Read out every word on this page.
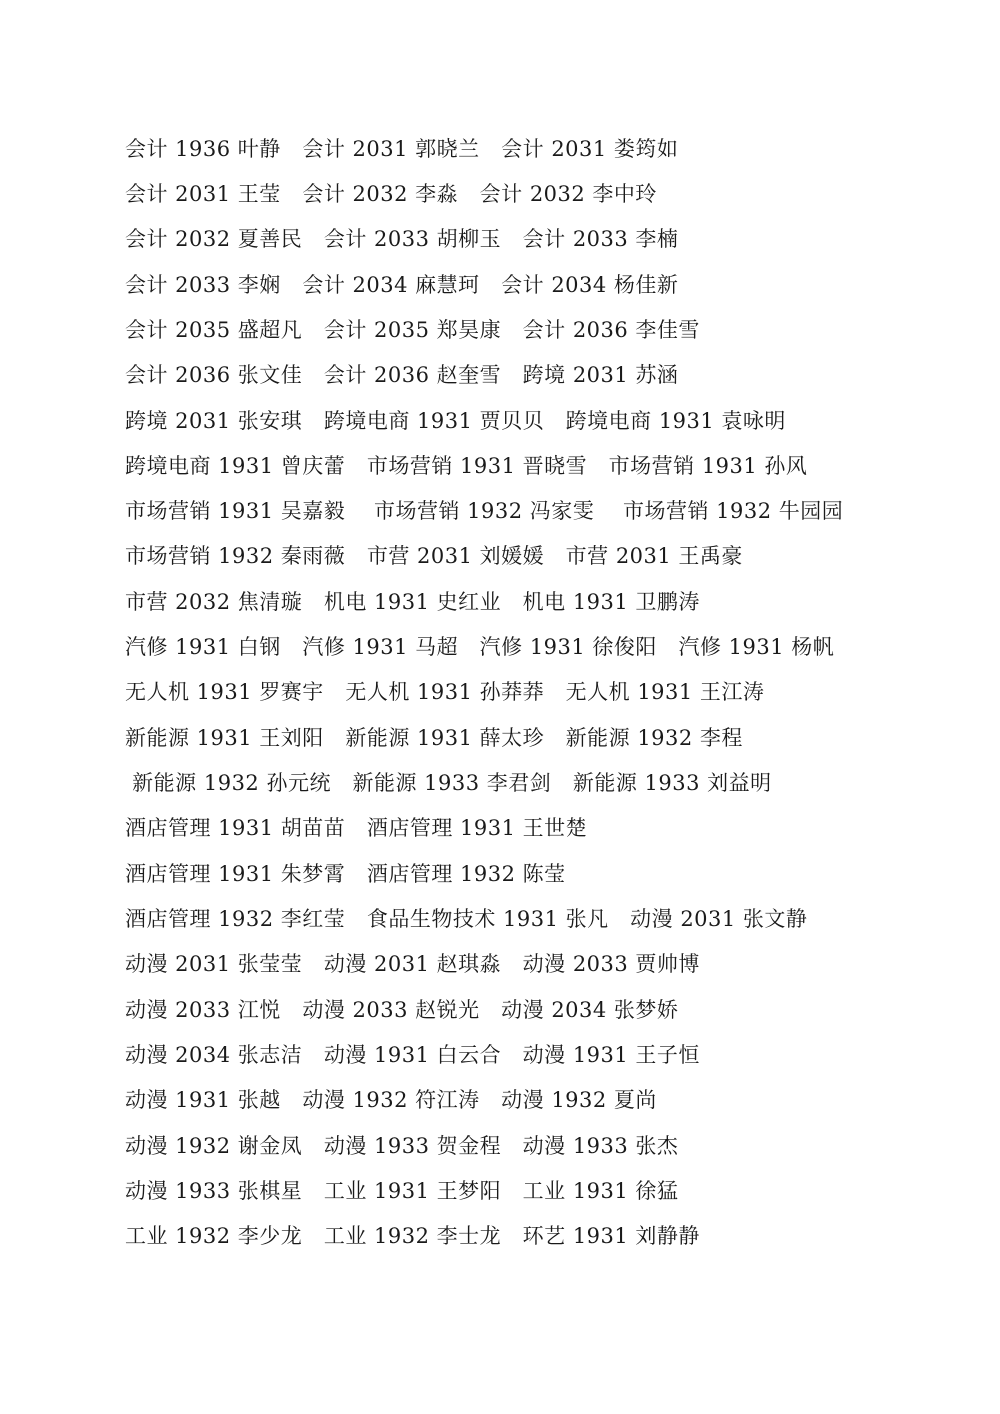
会计 1936 叶静   会计 2031 郭晓兰   会计 2031 娄筠如
会计 2031 王莹   会计 2032 李淼   会计 2032 李中玲
会计 2032 夏善民   会计 2033 胡柳玉   会计 2033 李楠
会计 2033 李娴   会计 2034 麻慧珂   会计 2034 杨佳新
会计 2035 盛超凡   会计 2035 郑昊康   会计 2036 李佳雪
会计 2036 张文佳   会计 2036 赵奎雪   跨境 2031 苏涵
跨境 2031 张安琪   跨境电商 1931 贾贝贝   跨境电商 1931 袁咏明
跨境电商 1931 曾庆蕾   市场营销 1931 晋晓雪   市场营销 1931 孙风
市场营销 1931 吴嘉毅    市场营销 1932 冯家雯    市场营销 1932 牛园园
市场营销 1932 秦雨薇   市营 2031 刘媛媛   市营 2031 王禹豪
市营 2032 焦清璇   机电 1931 史红业   机电 1931 卫鹏涛
汽修 1931 白钢   汽修 1931 马超   汽修 1931 徐俊阳   汽修 1931 杨帆
无人机 1931 罗赛宇   无人机 1931 孙莽莽   无人机 1931 王江涛
新能源 1931 王刘阳   新能源 1931 薛太珍   新能源 1932 李程
新能源 1932 孙元统   新能源 1933 李君剑   新能源 1933 刘益明
酒店管理 1931 胡苗苗   酒店管理 1931 王世楚
酒店管理 1931 朱梦霄   酒店管理 1932 陈莹
酒店管理 1932 李红莹   食品生物技术 1931 张凡   动漫 2031 张文静
动漫 2031 张莹莹   动漫 2031 赵琪淼   动漫 2033 贾帅博
动漫 2033 江悦   动漫 2033 赵锐光   动漫 2034 张梦娇
动漫 2034 张志洁   动漫 1931 白云合   动漫 1931 王子恒
动漫 1931 张越   动漫 1932 符江涛   动漫 1932 夏尚
动漫 1932 谢金凤   动漫 1933 贺金程   动漫 1933 张杰
动漫 1933 张棋星   工业 1931 王梦阳   工业 1931 徐猛
工业 1932 李少龙   工业 1932 李士龙   环艺 1931 刘静静
